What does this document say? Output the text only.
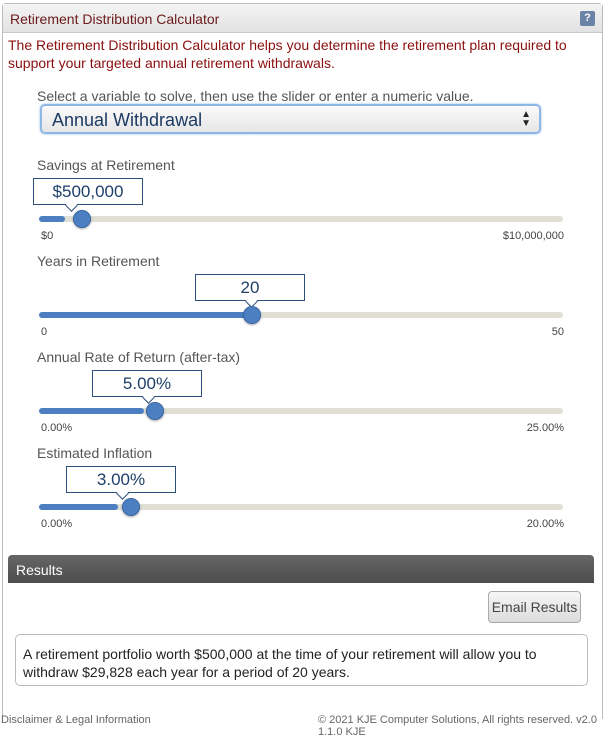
Retirement Distribution Calculator	?
The Retirement Distribution Calculator helps you determine the retirement plan required to support your targeted annual retirement withdrawals.
Select a variable to solve, then use the slider or enter a numeric value.
Annual Withdrawal	▲
▼
Savings at Retirement
$500,000
$0	$10,000,000
Years in Retirement
20
0	50
Annual Rate of Return (after-tax)
5.00%
0.00%	25.00%
Estimated Inflation
3.00%
0.00%	20.00%
Results
Email Results
A retirement portfolio worth $500,000 at the time of your retirement will allow you to withdraw $29,828 each year for a period of 20 years.
Disclaimer & Legal Information	© 2021 KJE Computer Solutions, All rights reserved. v2.0 1.1.0 KJE
